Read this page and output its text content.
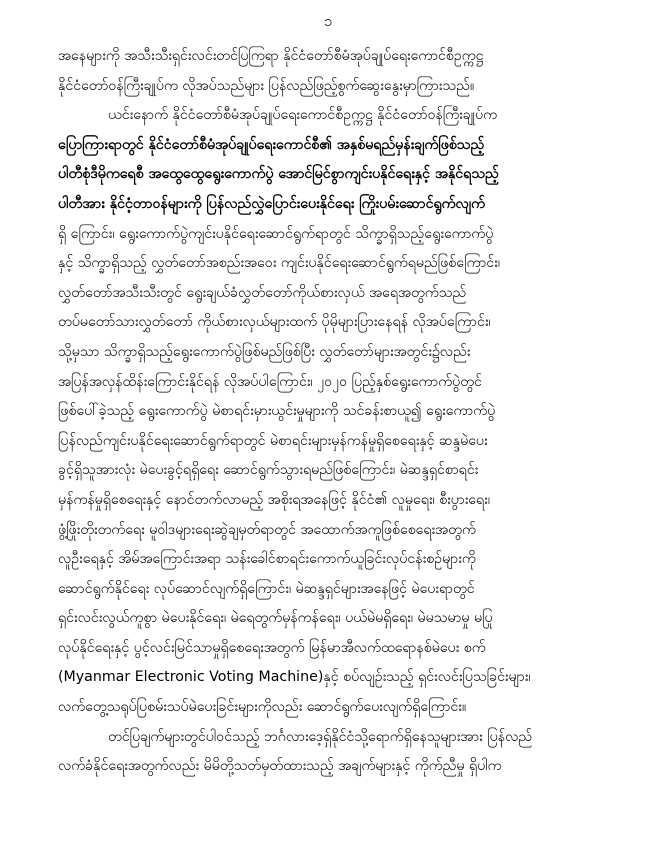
၁
အနေများကို အသီးသီးရှင်းလင်းတင်ပြကြရာ နိုင်ငံတော်စီမံအုပ်ချုပ်ရေးကောင်စီဥက္ကဋ္ဌ
နိုင်ငံတော်ဝန်ကြီးချုပ်က လိုအပ်သည်များ ပြန်လည်ဖြည့်စွက်ဆွေးနွေးမှာကြားသည်။
ယင်းနောက် နိုင်ငံတော်စီမံအုပ်ချုပ်ရေးကောင်စီဥက္ကဋ္ဌ နိုင်ငံတော်ဝန်ကြီးချုပ်က
ပြောကြားရာတွင် နိုင်ငံတော်စီမံအုပ်ချုပ်ရေးကောင်စီ၏ အနှစ်မရည်မှန်းချက်ဖြစ်သည့်
ပါတီစုံဒီမိုကရေစီ အထွေထွေရွေးကောက်ပွဲ အောင်မြင်စွာကျင်းပနိုင်ရေးနှင့် အနိုင်ရသည့်
ပါတီအား နိုင်ငံ့တာဝန်များကို ပြန်လည်လွှဲပြောင်းပေးနိုင်ရေး ကြိုးပမ်းဆောင်ရွက်လျက်
ရှိ ကြောင်း၊ ရွေးကောက်ပွဲကျင်းပနိုင်ရေးဆောင်ရွက်ရာတွင် သိက္ခာရှိသည့်ရွေးကောက်ပွဲ
နှင့် သိက္ခာရှိသည့် လွှတ်တော်အစည်းအဝေး ကျင်းပနိုင်ရေးဆောင်ရွက်ရမည်ဖြစ်ကြောင်း၊
လွှတ်တော်အသီးသီးတွင် ရွေးချယ်ခံလွှတ်တော်ကိုယ်စားလှယ် အရေအတွက်သည်
တပ်မတော်သားလွှတ်တော် ကိုယ်စားလှယ်များထက် ပိုမိုများပြားနေရန် လိုအပ်ကြောင်း၊
သို့မှသာ သိက္ခာရှိသည့်ရွေးကောက်ပွဲဖြစ်မည်ဖြစ်ပြီး လွှတ်တော်များအတွင်း၌လည်း
အပြန်အလှန်ထိန်းကြောင်းနိုင်ရန် လိုအပ်ပါကြောင်း၊ ၂၀၂၀ ပြည့်နှစ်ရွေးကောက်ပွဲတွင်
ဖြစ်ပေါ်ခဲ့သည့် ရွေးကောက်ပွဲ မဲစာရင်းမှားယွင်းမှုများကို သင်ခန်းစာယူ၍ ရွေးကောက်ပွဲ
ပြန်လည်ကျင်းပနိုင်ရေးဆောင်ရွက်ရာတွင် မဲစာရင်းများမှန်ကန်မှုရှိစေရေးနှင့် ဆန္ဒမဲပေး
ခွင့်ရှိသူအားလုံး မဲပေးခွင့်ရရှိရေး ဆောင်ရွက်သွားရမည်ဖြစ်ကြောင်း၊ မဲဆန္ဒရှင်စာရင်း
မှန်ကန်မှုရှိစေရေးနှင့် နောင်တက်လာမည့် အစိုးရအနေဖြင့် နိုင်ငံ၏ လူမှုရေး၊ စီးပွားရေး၊
ဖွံ့ဖြိုးတိုးတက်ရေး မူဝါဒများရေးဆွဲချမှတ်ရာတွင် အထောက်အကူဖြစ်စေရေးအတွက်
လူဦးရေနှင့် အိမ်အကြောင်းအရာ သန်းခေါင်စာရင်းကောက်ယူခြင်းလုပ်ငန်းစဉ်များကို
ဆောင်ရွက်နိုင်ရေး လုပ်ဆောင်လျက်ရှိကြောင်း၊ မဲဆန္ဒရှင်များအနေဖြင့် မဲပေးရာတွင်
ရှင်းလင်းလွယ်ကူစွာ မဲပေးနိုင်ရေး၊ မဲရေတွက်မှန်ကန်ရေး၊ ပယ်မဲမရှိရေး၊ မဲမသမာမှု မပြု
လုပ်နိုင်ရေးနှင့် ပွင့်လင်းမြင်သာမှုရှိစေရေးအတွက် မြန်မာအီလက်ထရောနစ်မဲပေး စက်
(Myanmar Electronic Voting Machine)နှင့် စပ်လျဉ်းသည့် ရှင်းလင်းပြသခြင်းများ၊
လက်တွေ့သရုပ်ပြစမ်းသပ်မဲပေးခြင်းများကိုလည်း ဆောင်ရွက်ပေးလျက်ရှိကြောင်း။
တင်ပြချက်များတွင်ပါဝင်သည့် ဘင်္ဂလားဒေ့ရှ်နိုင်ငံသို့ရောက်ရှိနေသူများအား ပြန်လည်
လက်ခံနိုင်ရေးအတွက်လည်း မိမိတို့သတ်မှတ်ထားသည့် အချက်များနှင့် ကိုက်ညီမှု ရှိပါက
